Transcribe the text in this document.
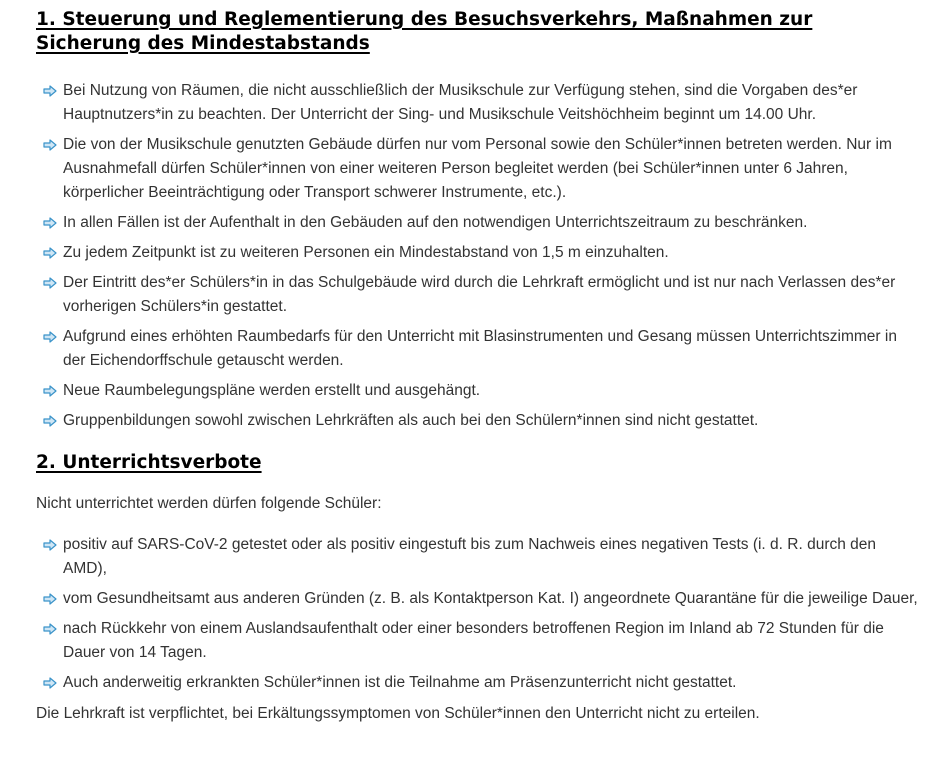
1. Steuerung und Reglementierung des Besuchsverkehrs, Maßnahmen zur Sicherung des Mindestabstands
Bei Nutzung von Räumen, die nicht ausschließlich der Musikschule zur Verfügung stehen, sind die Vorgaben des*er Hauptnutzers*in zu beachten. Der Unterricht der Sing- und Musikschule Veitshöchheim beginnt um 14.00 Uhr.
Die von der Musikschule genutzten Gebäude dürfen nur vom Personal sowie den Schüler*innen betreten werden. Nur im Ausnahmefall dürfen Schüler*innen von einer weiteren Person begleitet werden (bei Schüler*innen unter 6 Jahren, körperlicher Beeinträchtigung oder Transport schwerer Instrumente, etc.).
In allen Fällen ist der Aufenthalt in den Gebäuden auf den notwendigen Unterrichtszeitraum zu beschränken.
Zu jedem Zeitpunkt ist zu weiteren Personen ein Mindestabstand von 1,5 m einzuhalten.
Der Eintritt des*er Schülers*in in das Schulgebäude wird durch die Lehrkraft ermöglicht und ist nur nach Verlassen des*er vorherigen Schülers*in gestattet.
Aufgrund eines erhöhten Raumbedarfs für den Unterricht mit Blasinstrumenten und Gesang müssen Unterrichtszimmer in der Eichendorffschule getauscht werden.
Neue Raumbelegungspläne werden erstellt und ausgehängt.
Gruppenbildungen sowohl zwischen Lehrkräften als auch bei den Schülern*innen sind nicht gestattet.
2. Unterrichtsverbote

Nicht unterrichtet werden dürfen folgende Schüler:

positiv auf SARS-CoV-2 getestet oder als positiv eingestuft bis zum Nachweis eines negativen Tests (i. d. R. durch den AMD),
vom Gesundheitsamt aus anderen Gründen (z. B. als Kontaktperson Kat. I) angeordnete Quarantäne für die jeweilige Dauer,
nach Rückkehr von einem Auslandsaufenthalt oder einer besonders betroffenen Region im Inland ab 72 Stunden für die Dauer von 14 Tagen.
Auch anderweitig erkrankten Schüler*innen ist die Teilnahme am Präsenzunterricht nicht gestattet.

Die Lehrkraft ist verpflichtet, bei Erkältungssymptomen von Schüler*innen den Unterricht nicht zu erteilen.
